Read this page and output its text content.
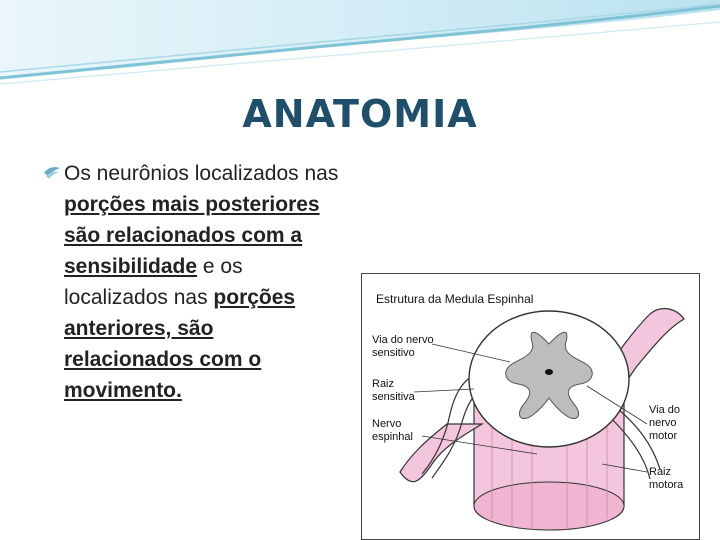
ANATOMIA
Os neurônios localizados nas
porções mais posteriores
são relacionados com a
sensibilidade e os
localizados nas porções
anteriores, são
relacionados com o
movimento.
Estrutura da Medula Espinhal
Via do nervo
sensitivo
Raiz
sensitiva
Nervo
espinhal
Via do
nervo
motor
Raiz
motora
